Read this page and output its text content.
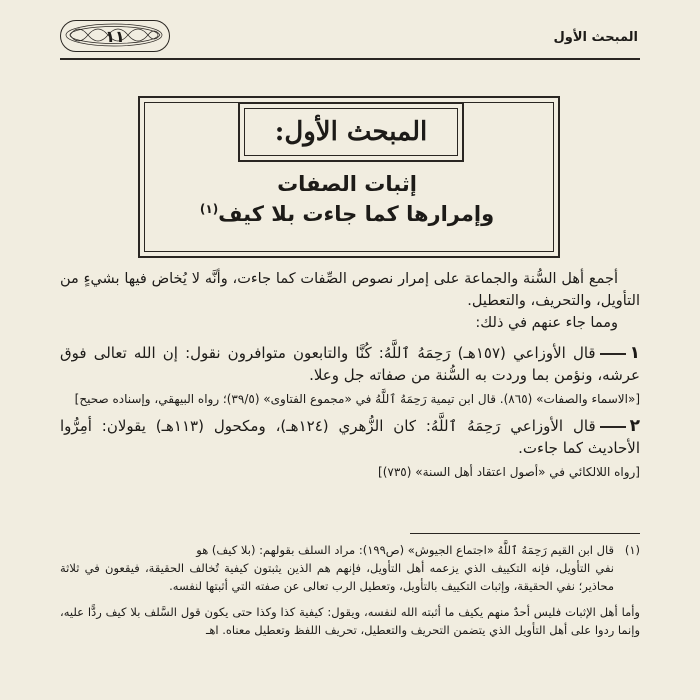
المبحث الأول
١١
المبحث الأول:
إثبات الصفات
وإمرارها كما جاءت بلا كيف$^{(١)}$

أجمع أهل السُّنة والجماعة على إمرار نصوص الصِّفات كما جاءت، وأنَّه لا يُخاض فيها بشيءٍ من التأويل، والتحريف، والتعطيل.

ومما جاء عنهم في ذلك:

١قال الأوزاعي (١٥٧هـ) رَحِمَهُ ٱللَّهُ: كُنَّا والتابعون متوافرون نقول: إن الله تعالى فوق عرشه، ونؤمن بما وردت به السُّنة من صفاته جل وعلا.

[«الاسماء والصفات» (٨٦٥). قال ابن تيمية رَحِمَهُ ٱللَّهُ في «مجموع الفتاوى» (٣٩/٥)؛ رواه البيهقي، وإسناده صحيح]

٢قال الأوزاعي رَحِمَهُ ٱللَّهُ: كان الزُّهري (١٢٤هـ)، ومكحول (١١٣هـ) يقولان: أمِرُّوا الأحاديث كما جاءت.

[رواه اللالكائي في «أصول اعتقاد أهل السنة» (٧٣٥)]

(١)قال ابن القيم رَحِمَهُ ٱللَّهُ «اجتماع الجيوش» (ص١٩٩): مراد السلف بقولهم: (بلا كيف) هو

نفي التأويل، فإنه التكييف الذي يزعمه أهل التأويل، فإنهم هم الذين يثبتون كيفية تُخالف الحقيقة، فيقعون في ثلاثة محاذير؛ نفي الحقيقة، وإثبات التكييف بالتأويل، وتعطيل الرب تعالى عن صفته التي أثبتها لنفسه.

وأما أهل الإثبات فليس أحدٌ منهم يكيف ما أثبته الله لنفسه، ويقول: كيفية كذا وكذا حتى يكون قول السَّلف بلا كيف ردًّا عليه، وإنما ردوا على أهل التأويل الذي يتضمن التحريف والتعطيل، تحريف اللفظ وتعطيل معناه. اهـ
